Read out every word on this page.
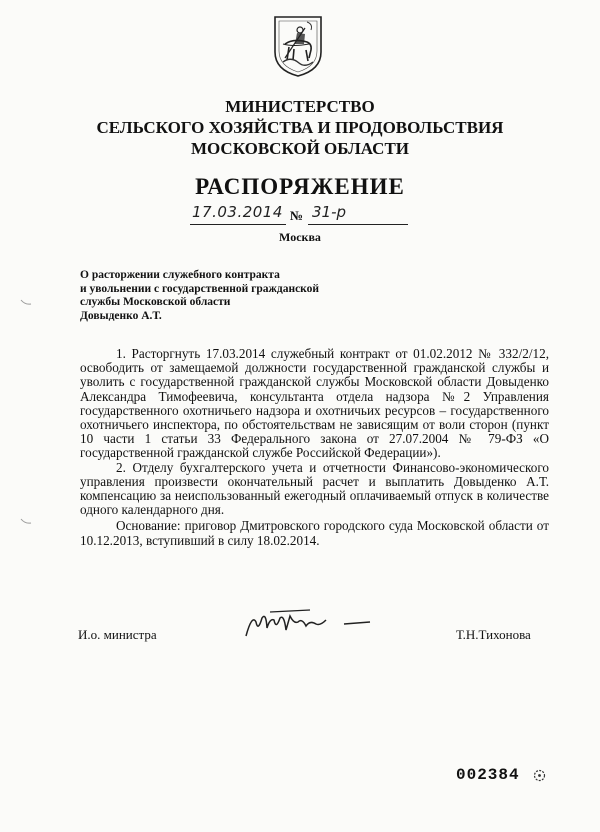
МИНИСТЕРСТВО
СЕЛЬСКОГО ХОЗЯЙСТВА И ПРОДОВОЛЬСТВИЯ
МОСКОВСКОЙ ОБЛАСТИ
РАСПОРЯЖЕНИЕ
17.03.2014 № 31-р
Москва
О расторжении служебного контракта
и увольнении с государственной гражданской
службы Московской области
Довыденко А.Т.

1. Расторгнуть 17.03.2014 служебный контракт от 01.02.2012 № 332/2/12, освободить от замещаемой должности государственной гражданской службы и уволить с государственной гражданской службы Московской области Довыденко Александра Тимофеевича, консультанта отдела надзора №2 Управления государственного охотничьего надзора и охотничьих ресурсов – государственного охотничьего инспектора, по обстоятельствам не зависящим от воли сторон (пункт 10 части 1 статьи 33 Федерального закона от 27.07.2004 № 79-ФЗ «О государственной гражданской службе Российской Федерации»).

2. Отделу бухгалтерского учета и отчетности Финансово-экономического управления произвести окончательный расчет и выплатить Довыденко А.Т. компенсацию за неиспользованный ежегодный оплачиваемый отпуск в количестве одного календарного дня.

Основание: приговор Дмитровского городского суда Московской области от 10.12.2013, вступивший в силу 18.02.2014.

И.о. министра	Т.Н.Тихонова
002384
